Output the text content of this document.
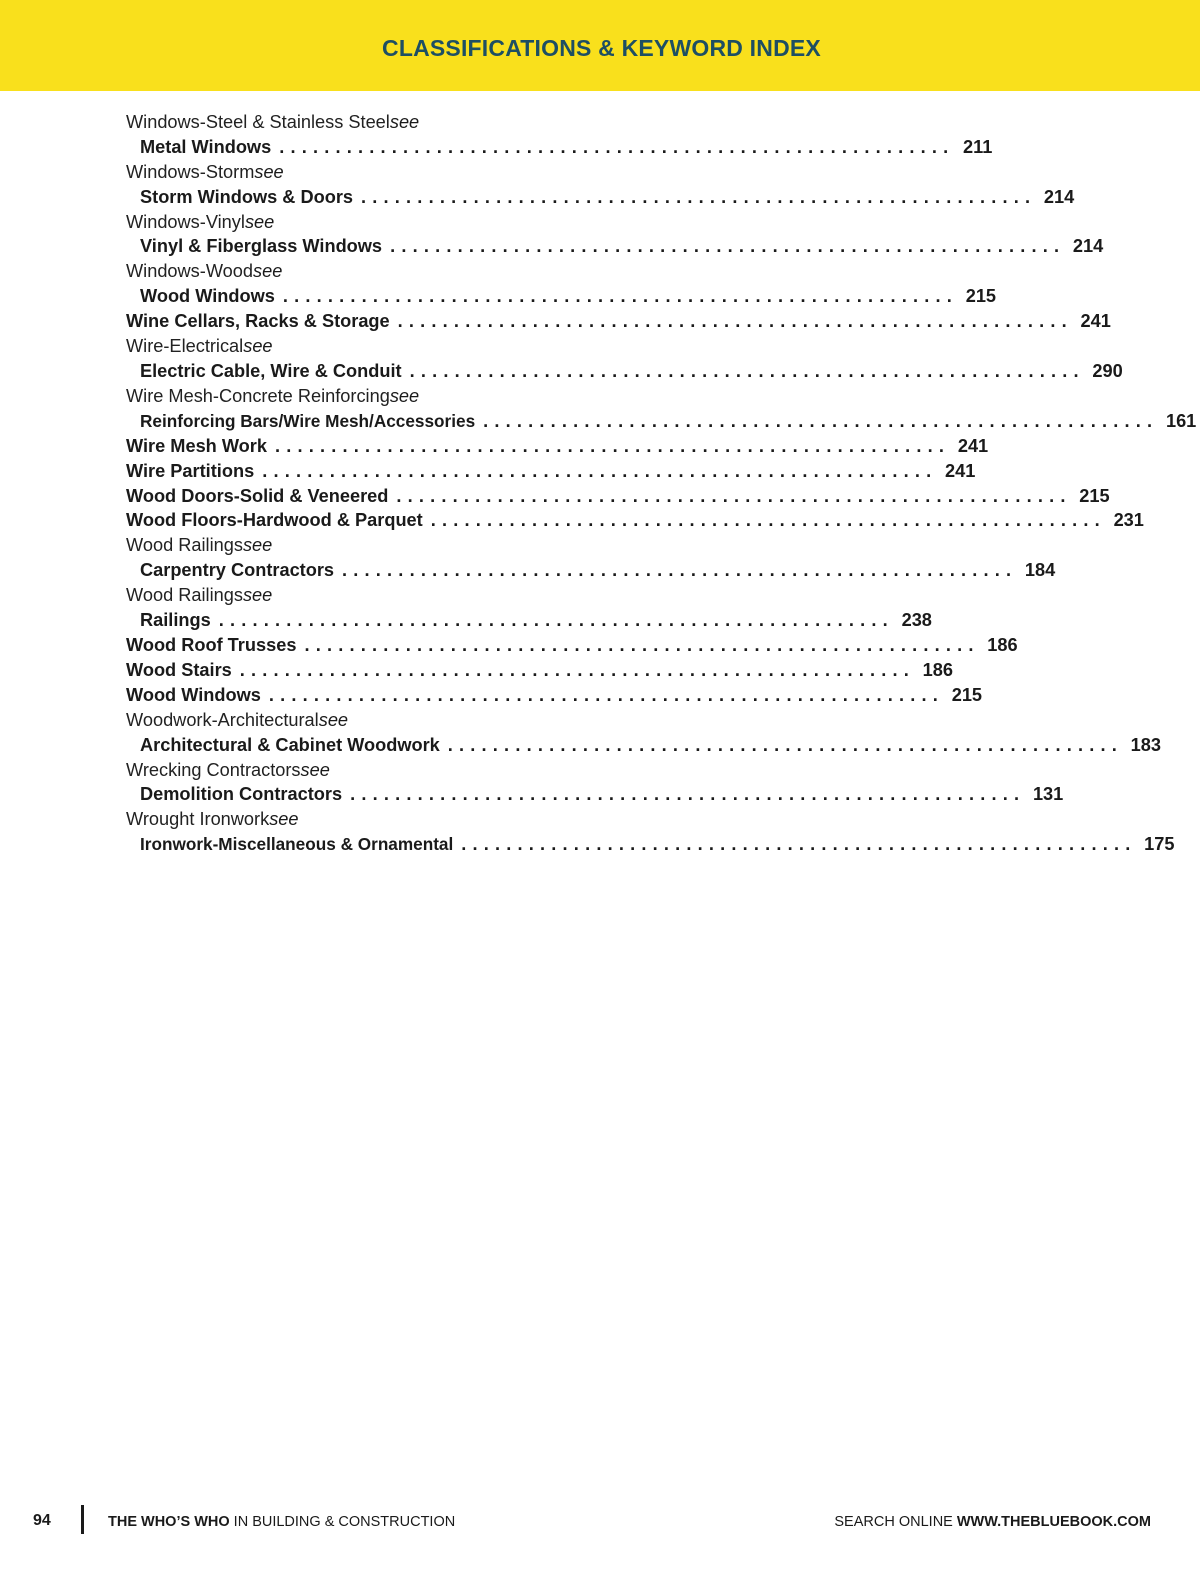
CLASSIFICATIONS & KEYWORD INDEX
Windows-Steel & Stainless Steel see
Metal Windows ............................................................ 211
Windows-Storm see
Storm Windows & Doors ............................................................ 214
Windows-Vinyl see
Vinyl & Fiberglass Windows ............................................................ 214
Windows-Wood see
Wood Windows ............................................................ 215
Wine Cellars, Racks & Storage ............................................................ 241
Wire-Electrical see
Electric Cable, Wire & Conduit ............................................................ 290
Wire Mesh-Concrete Reinforcing see
Reinforcing Bars/Wire Mesh/Accessories ............................................................ 161
Wire Mesh Work ............................................................ 241
Wire Partitions ............................................................ 241
Wood Doors-Solid & Veneered ............................................................ 215
Wood Floors-Hardwood & Parquet ............................................................ 231
Wood Railings see
Carpentry Contractors ............................................................ 184
Wood Railings see
Railings ............................................................ 238
Wood Roof Trusses ............................................................ 186
Wood Stairs ............................................................ 186
Wood Windows ............................................................ 215
Woodwork-Architectural see
Architectural & Cabinet Woodwork ............................................................ 183
Wrecking Contractors see
Demolition Contractors ............................................................ 131
Wrought Ironwork see
Ironwork-Miscellaneous & Ornamental ............................................................ 175
94	THE WHO’S WHO IN BUILDING & CONSTRUCTION	SEARCH ONLINE WWW.THEBLUEBOOK.COM
